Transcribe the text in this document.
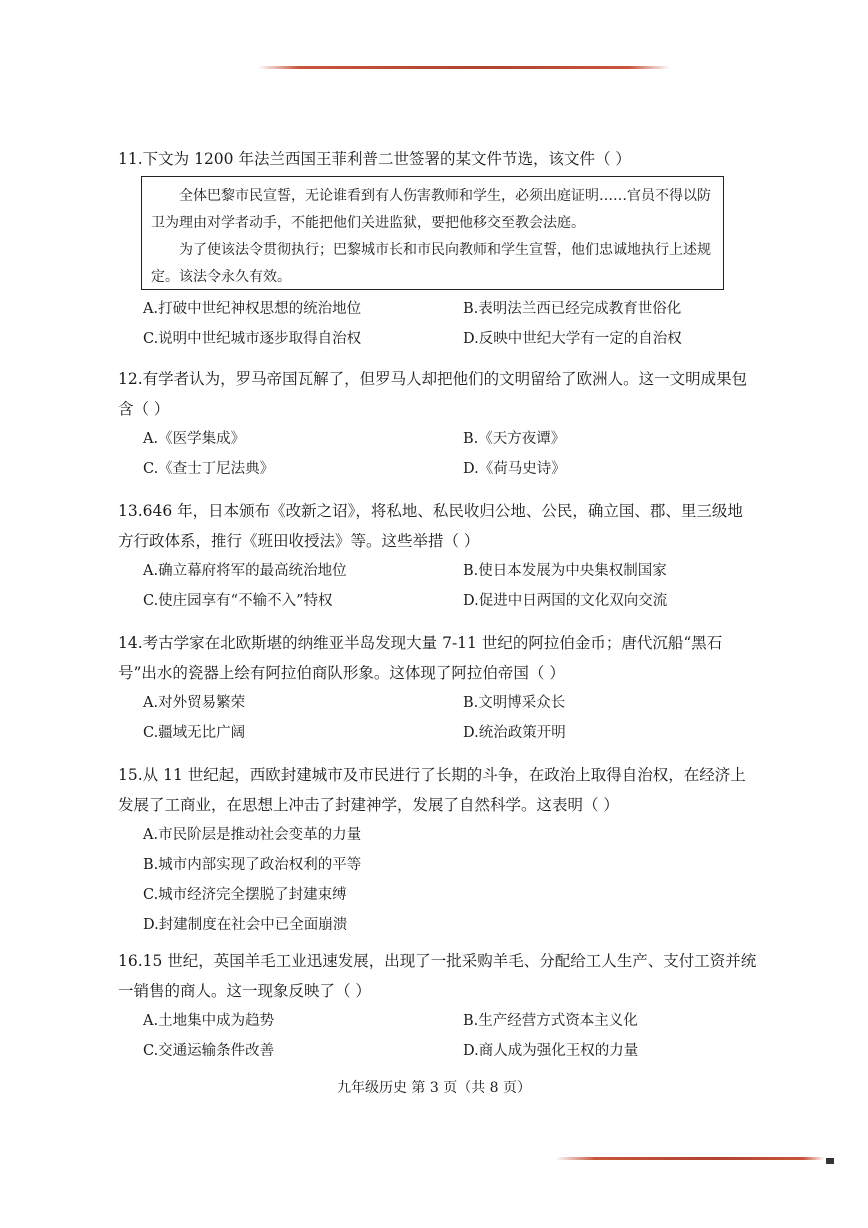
11.下文为 1200 年法兰西国王菲利普二世签署的某文件节选，该文件（ ）

全体巴黎市民宣誓，无论谁看到有人伤害教师和学生，必须出庭证明……官员不得以防卫为理由对学者动手，不能把他们关进监狱，要把他移交至教会法庭。

为了使该法令贯彻执行；巴黎城市长和市民向教师和学生宣誓，他们忠诚地执行上述规定。该法令永久有效。

A.打破中世纪神权思想的统治地位	B.表明法兰西已经完成教育世俗化
C.说明中世纪城市逐步取得自治权	D.反映中世纪大学有一定的自治权

12.有学者认为，罗马帝国瓦解了，但罗马人却把他们的文明留给了欧洲人。这一文明成果包含（ ）

A.《医学集成》	B.《天方夜谭》
C.《查士丁尼法典》	D.《荷马史诗》

13.646 年，日本颁布《改新之诏》，将私地、私民收归公地、公民，确立国、郡、里三级地方行政体系，推行《班田收授法》等。这些举措（ ）

A.确立幕府将军的最高统治地位	B.使日本发展为中央集权制国家
C.使庄园享有“不输不入”特权	D.促进中日两国的文化双向交流

14.考古学家在北欧斯堪的纳维亚半岛发现大量 7-11 世纪的阿拉伯金币；唐代沉船“黑石号”出水的瓷器上绘有阿拉伯商队形象。这体现了阿拉伯帝国（ ）

A.对外贸易繁荣	B.文明博采众长
C.疆域无比广阔	D.统治政策开明

15.从 11 世纪起，西欧封建城市及市民进行了长期的斗争，在政治上取得自治权，在经济上发展了工商业，在思想上冲击了封建神学，发展了自然科学。这表明（ ）

A.市民阶层是推动社会变革的力量
B.城市内部实现了政治权利的平等
C.城市经济完全摆脱了封建束缚
D.封建制度在社会中已全面崩溃

16.15 世纪，英国羊毛工业迅速发展，出现了一批采购羊毛、分配给工人生产、支付工资并统一销售的商人。这一现象反映了（ ）

A.土地集中成为趋势	B.生产经营方式资本主义化
C.交通运输条件改善	D.商人成为强化王权的力量
九年级历史 第 3 页（共 8 页）
